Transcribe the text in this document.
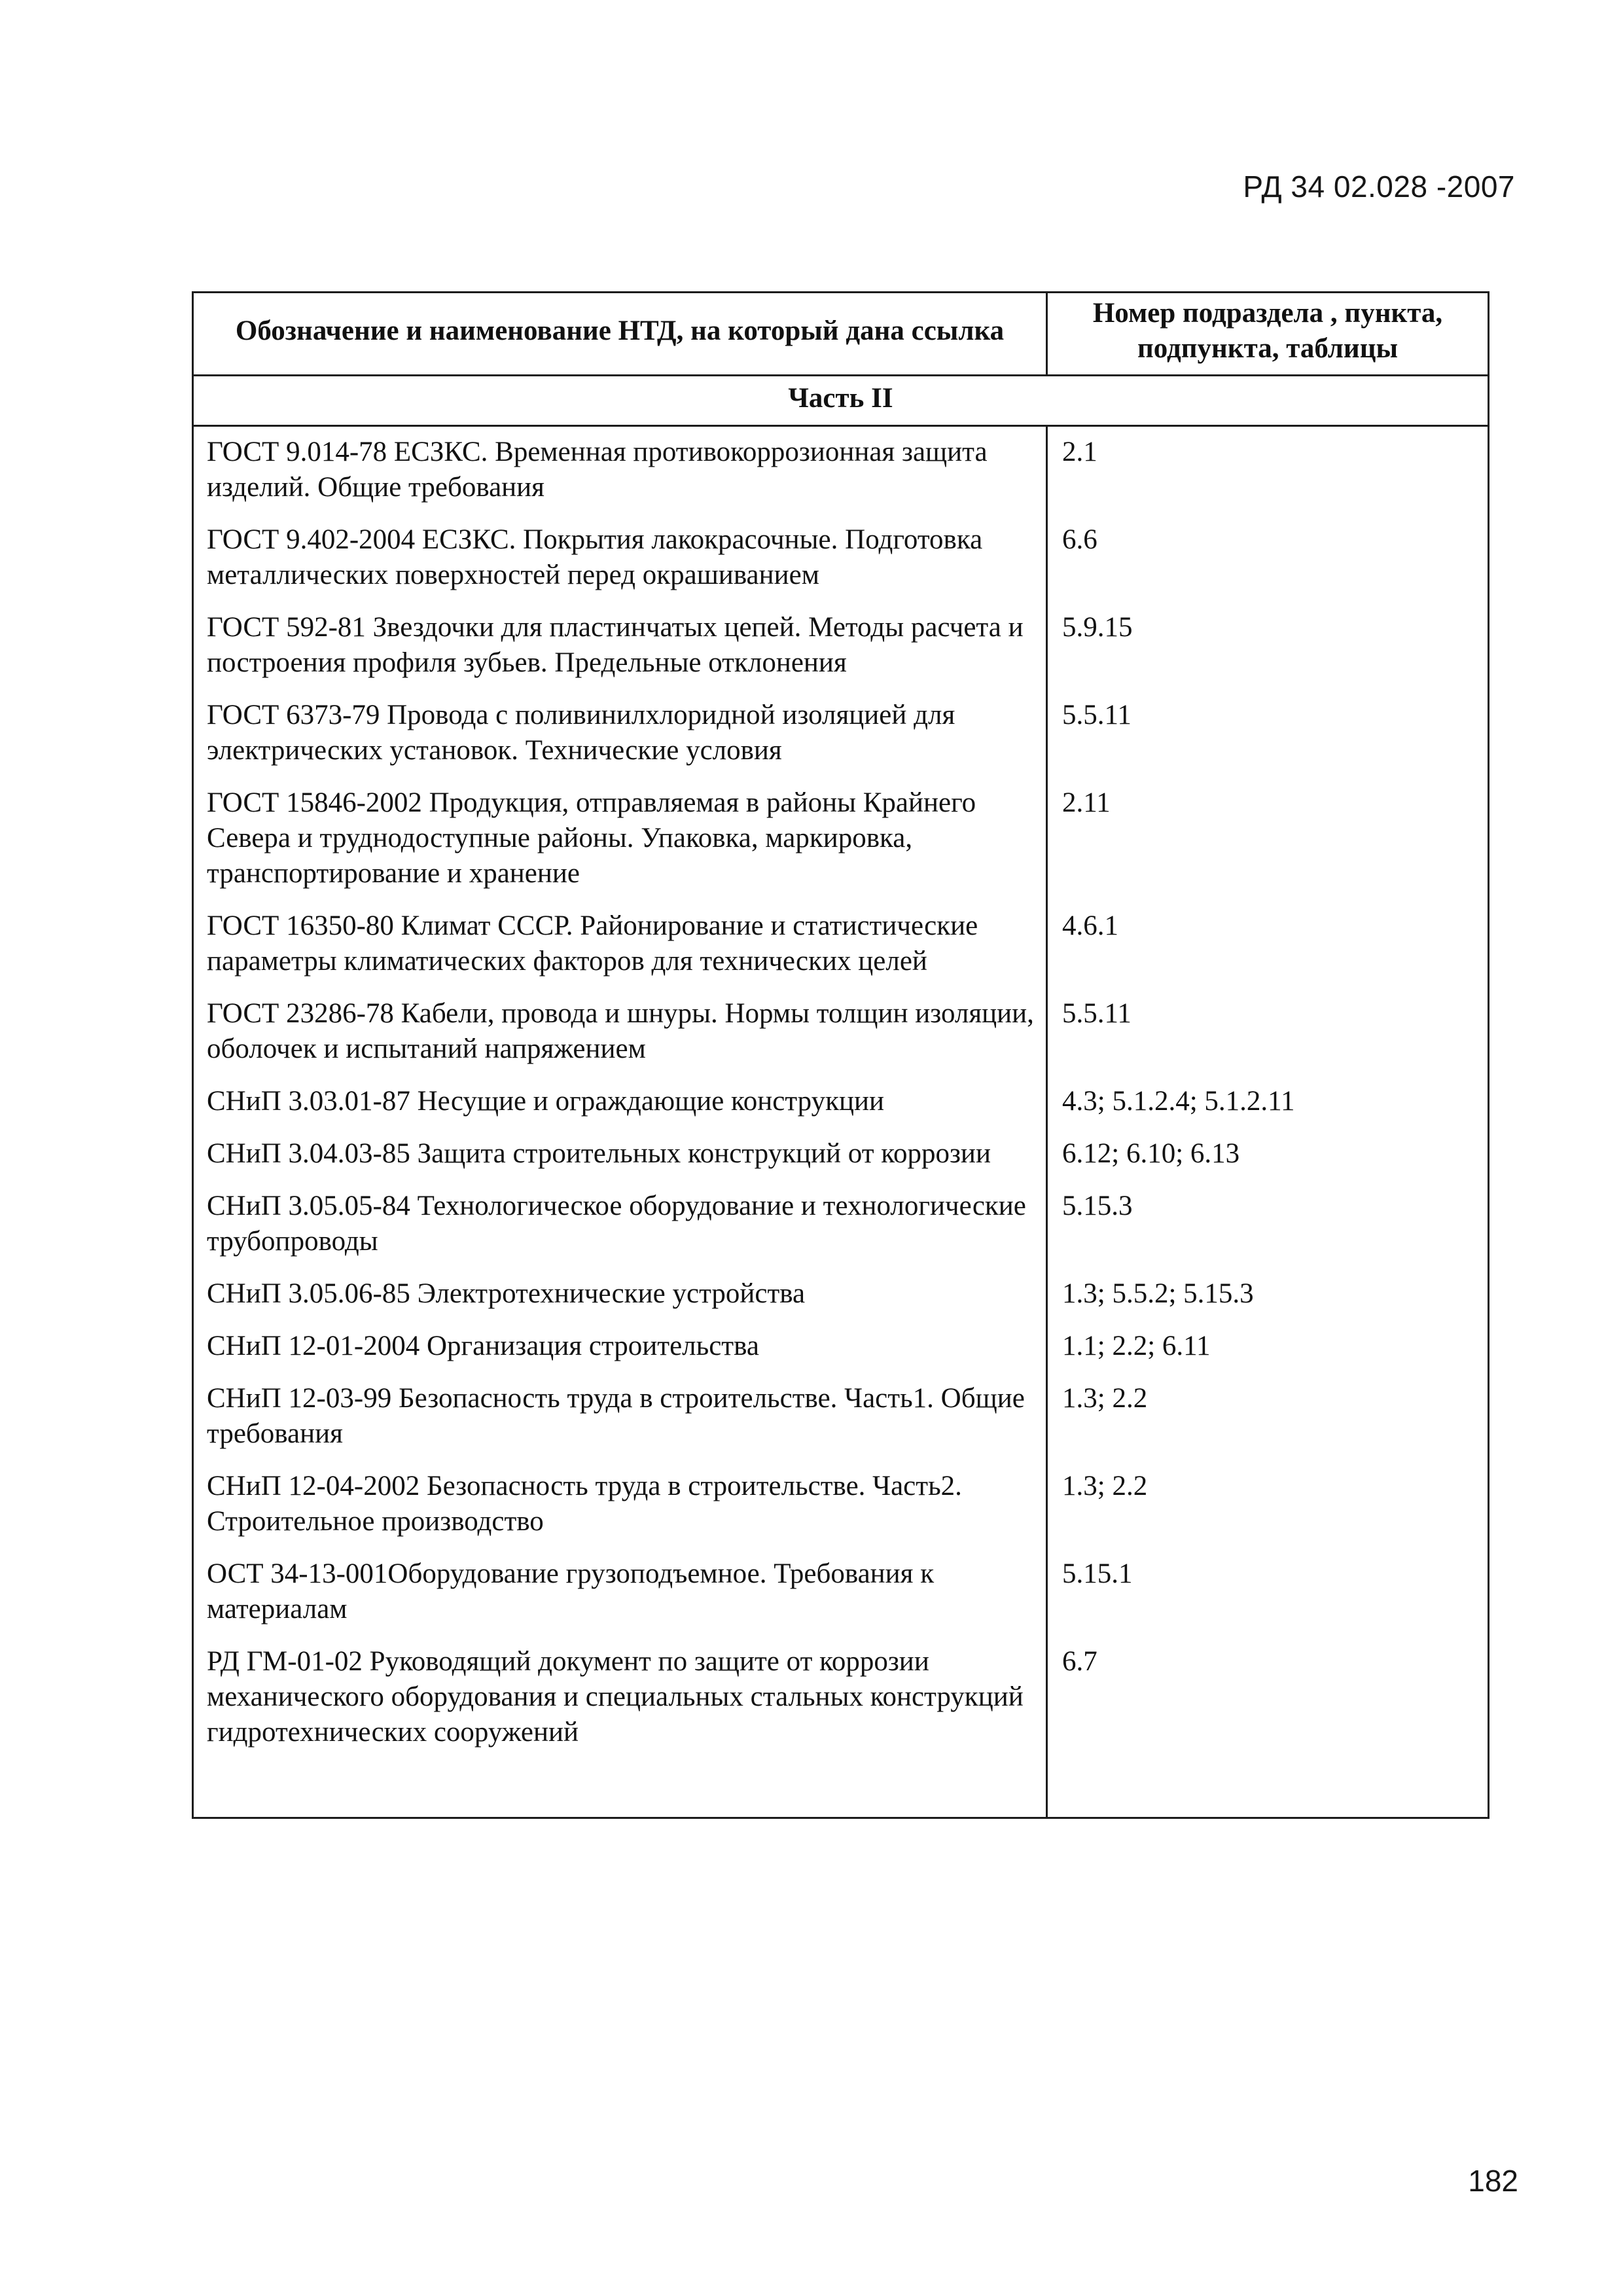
РД 34 02.028 -2007
Обозначение и наименование НТД, на который дана ссылка	Номер подраздела , пункта, подпункта, таблицы
Часть II	
ГОСТ 9.014-78 ЕСЗКС. Временная противокоррозионная защита изделий. Общие требования	2.1
ГОСТ 9.402-2004 ЕСЗКС. Покрытия лакокрасочные. Подготовка металлических поверхностей перед окрашиванием	6.6
ГОСТ 592-81 Звездочки для пластинчатых цепей. Методы расчета и построения профиля зубьев. Предельные отклонения	5.9.15
ГОСТ 6373-79 Провода с поливинилхлоридной изоляцией для электрических установок. Технические условия	5.5.11
ГОСТ 15846-2002 Продукция, отправляемая в районы Крайнего Севера и труднодоступные районы. Упаковка, маркировка, транспортирование и хранение	2.11
ГОСТ 16350-80 Климат СССР. Районирование и статистические параметры климатических факторов для технических целей	4.6.1
ГОСТ 23286-78 Кабели, провода и шнуры. Нормы толщин изоляции, оболочек и испытаний напряжением	5.5.11
СНиП 3.03.01-87 Несущие и ограждающие конструкции	4.3; 5.1.2.4; 5.1.2.11
СНиП 3.04.03-85 Защита строительных конструкций от коррозии	6.12; 6.10; 6.13
СНиП 3.05.05-84 Технологическое оборудование и технологические трубопроводы	5.15.3
СНиП 3.05.06-85 Электротехнические устройства	1.3; 5.5.2; 5.15.3
СНиП 12-01-2004 Организация строительства	1.1; 2.2; 6.11
СНиП 12-03-99 Безопасность труда в строительстве. Часть1. Общие требования	1.3; 2.2
СНиП 12-04-2002 Безопасность труда в строительстве. Часть2. Строительное производство	1.3; 2.2
ОСТ 34-13-001Оборудование грузоподъемное. Требования к материалам	5.15.1
РД ГМ-01-02 Руководящий документ по защите от коррозии механического оборудования и специальных стальных конструкций гидротехнических сооружений	6.7

182
